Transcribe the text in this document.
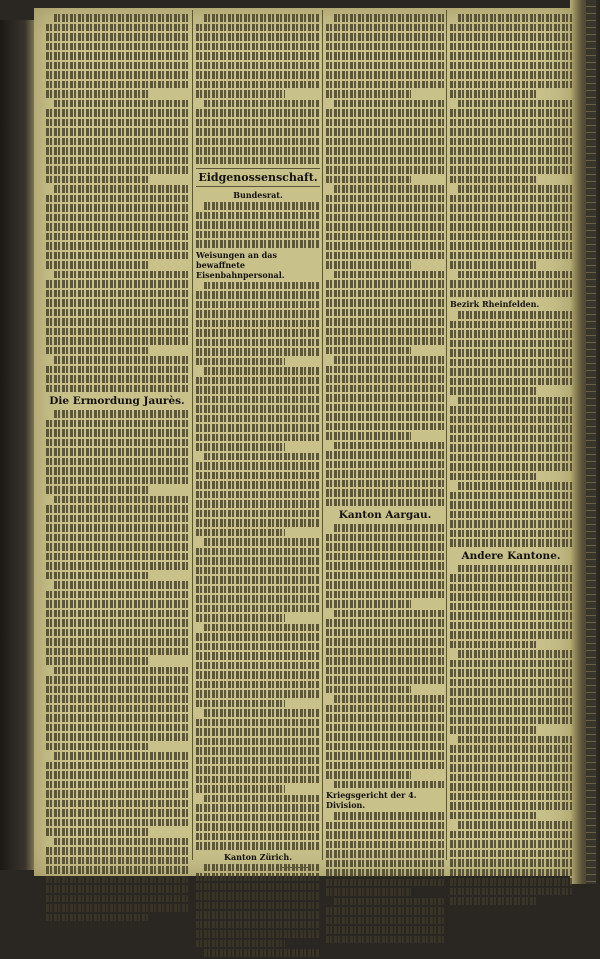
Die Ermordung Jaurès.
Eidgenossenschaft.
Bundesrat.
Weisungen an das bewaffnete Eisenbahnpersonal.
Kanton Zürich.
Kanton Aargau.
Kriegsgericht der 4. Division.
Bezirk Rheinfelden.
Andere Kantone.
